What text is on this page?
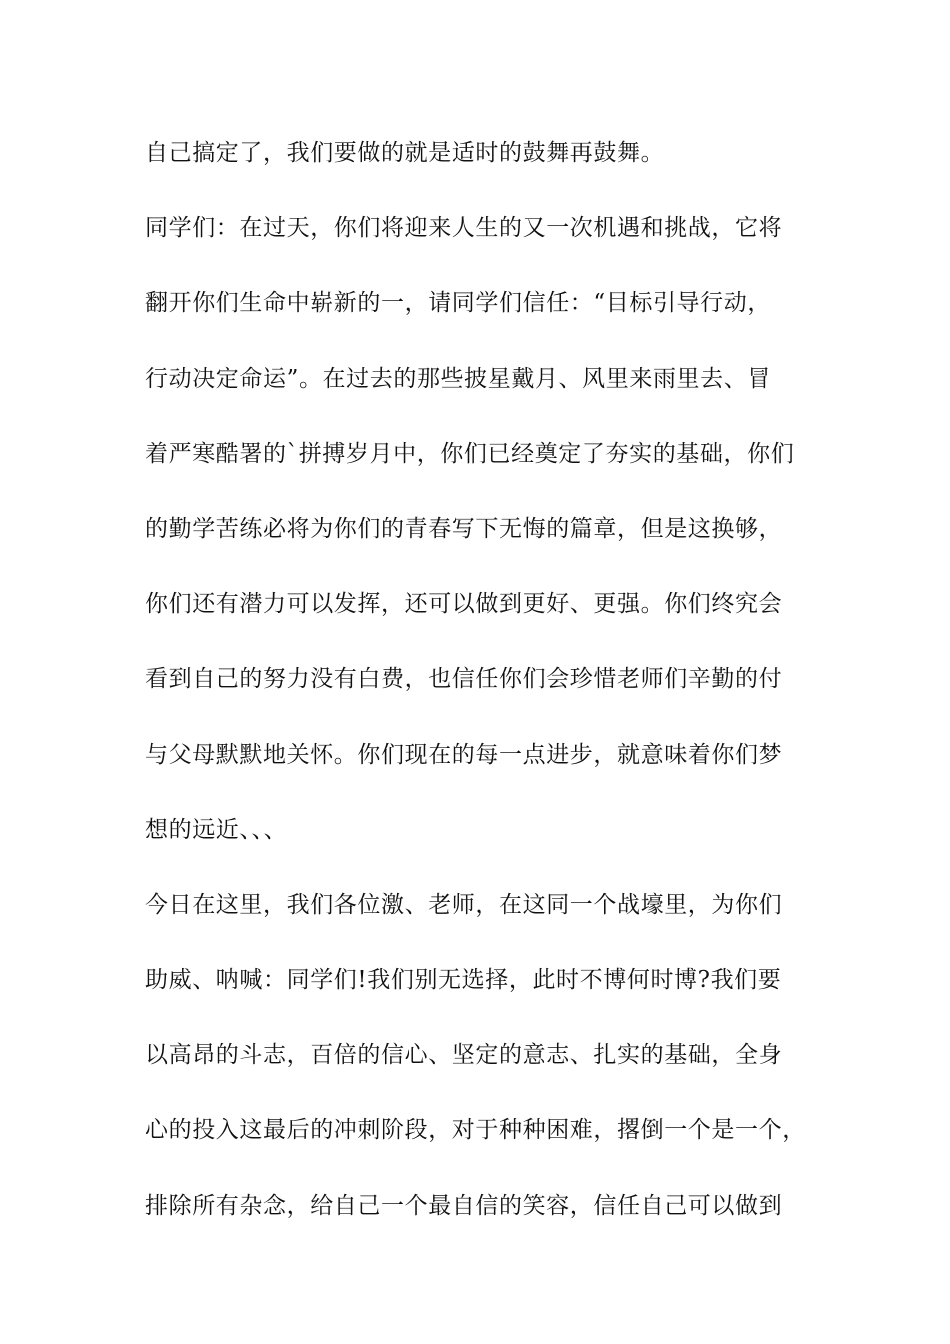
自己搞定了，我们要做的就是适时的鼓舞再鼓舞。
同学们：在过天，你们将迎来人生的又一次机遇和挑战，它将
翻开你们生命中崭新的一，请同学们信任：“目标引导行动，
行动决定命运”。在过去的那些披星戴月、风里来雨里去、冒
着严寒酷署的`拼搏岁月中，你们已经奠定了夯实的基础，你们
的勤学苦练必将为你们的青春写下无悔的篇章，但是这换够，
你们还有潜力可以发挥，还可以做到更好、更强。你们终究会
看到自己的努力没有白费，也信任你们会珍惜老师们辛勤的付
与父母默默地关怀。你们现在的每一点进步，就意味着你们梦
想的远近、、、
今日在这里，我们各位激、老师，在这同一个战壕里，为你们
助威、呐喊：同学们!我们别无选择，此时不博何时博?我们要
以高昂的斗志，百倍的信心、坚定的意志、扎实的基础，全身
心的投入这最后的冲刺阶段，对于种种困难，撂倒一个是一个，
排除所有杂念，给自己一个最自信的笑容，信任自己可以做到
